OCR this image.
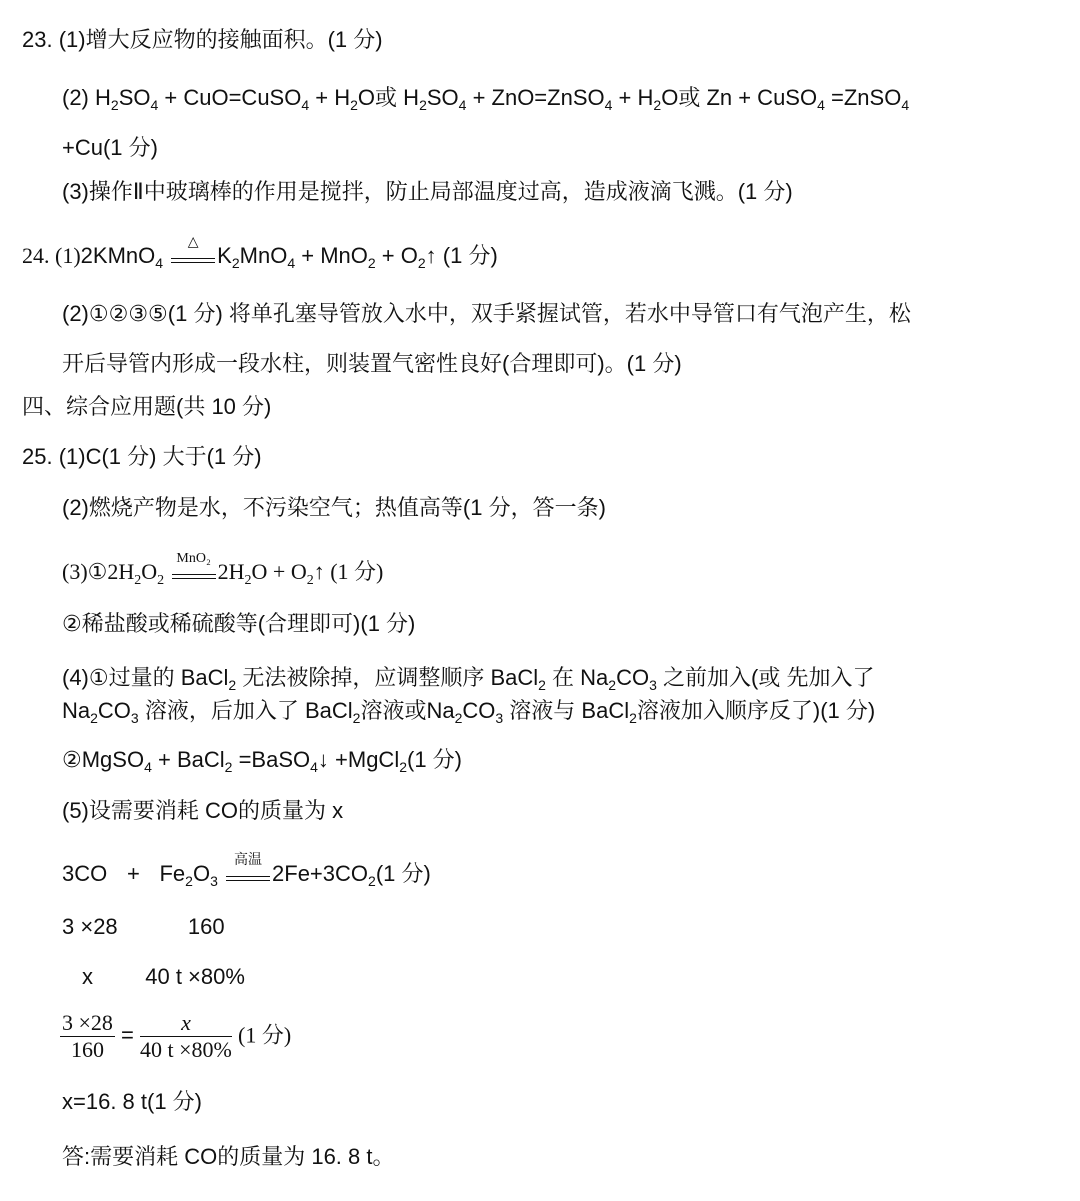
23. (1)增大反应物的接触面积。(1 分)
(2) $H_2SO_4$ + CuO=CuSO$_4$ + $H_2O$或 $H_2SO_4$ + ZnO=ZnSO$_4$ + $H_2O$或 Zn + CuSO$_4$ =ZnSO$_4$
+Cu(1 分)
(3)操作Ⅱ中玻璃棒的作用是搅拌，防止局部温度过高，造成液滴飞溅。(1 分)
24. (1)2KMnO$_4$
△
$K_2MnO_4 + MnO_2$ + $O_2↑$ (1 分)
(2)①②③⑤(1 分) 将单孔塞导管放入水中，双手紧握试管，若水中导管口有气泡产生，松
开后导管内形成一段水柱，则装置气密性良好(合理即可)。(1 分)
四、综合应用题(共 10 分)
25. (1)C(1 分) 大于(1 分)
(2)燃烧产物是水，不污染空气；热值高等(1 分，答一条)
$(3)①2H_2O_2$
MnO₂
$2H_2O$ + $O_2↑$ (1 分)
②稀盐酸或稀硫酸等(合理即可)(1 分)
(4)①过量的 BaCl$_2$ 无法被除掉，应调整顺序 BaCl$_2$ 在 $Na_2CO_3$ 之前加入(或 先加入了
$Na_2CO_3$ 溶液，后加入了 BaCl$_2$溶液或$Na_2CO_3$ 溶液与 BaCl$_2$溶液加入顺序反了)(1 分)
②MgSO$_4$ + BaCl$_2$ =BaSO$_4$↓ +MgCl$_2$(1 分)
(5)设需要消耗 CO的质量为 x
$3CO + Fe_2O_3$
高温
$2Fe+3CO_2(1$ 分)
3 ×28	160
x 40 t ×80%
$\frac{3 \times 28}{160} = \frac{x}{40 t \times 80\%} (1$ 分)
x=16. 8 t(1 分)
答:需要消耗 CO的质量为 16. 8 t。
